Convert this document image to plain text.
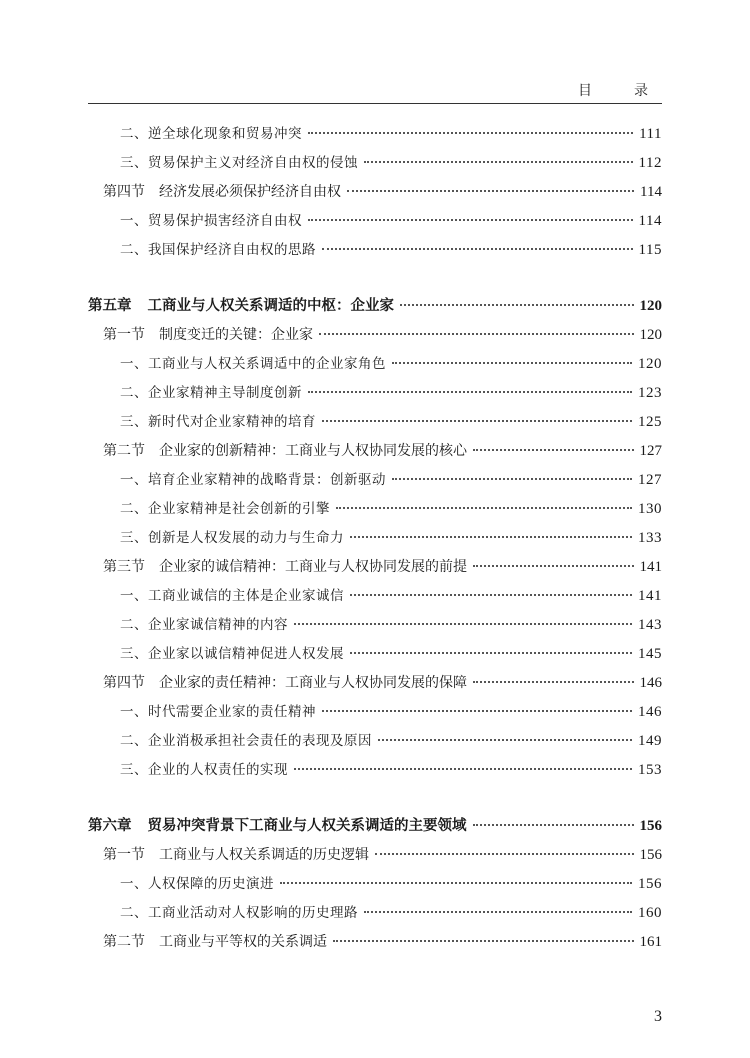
目　录
二、逆全球化现象和贸易冲突	111
三、贸易保护主义对经济自由权的侵蚀	112
第四节 经济发展必须保护经济自由权	114
一、贸易保护损害经济自由权	114
二、我国保护经济自由权的思路	115
第五章 工商业与人权关系调适的中枢：企业家	120
第一节 制度变迁的关键：企业家	120
一、工商业与人权关系调适中的企业家角色	120
二、企业家精神主导制度创新	123
三、新时代对企业家精神的培育	125
第二节 企业家的创新精神：工商业与人权协同发展的核心	127
一、培育企业家精神的战略背景：创新驱动	127
二、企业家精神是社会创新的引擎	130
三、创新是人权发展的动力与生命力	133
第三节 企业家的诚信精神：工商业与人权协同发展的前提	141
一、工商业诚信的主体是企业家诚信	141
二、企业家诚信精神的内容	143
三、企业家以诚信精神促进人权发展	145
第四节 企业家的责任精神：工商业与人权协同发展的保障	146
一、时代需要企业家的责任精神	146
二、企业消极承担社会责任的表现及原因	149
三、企业的人权责任的实现	153
第六章 贸易冲突背景下工商业与人权关系调适的主要领域	156
第一节 工商业与人权关系调适的历史逻辑	156
一、人权保障的历史演进	156
二、工商业活动对人权影响的历史理路	160
第二节 工商业与平等权的关系调适	161
3
